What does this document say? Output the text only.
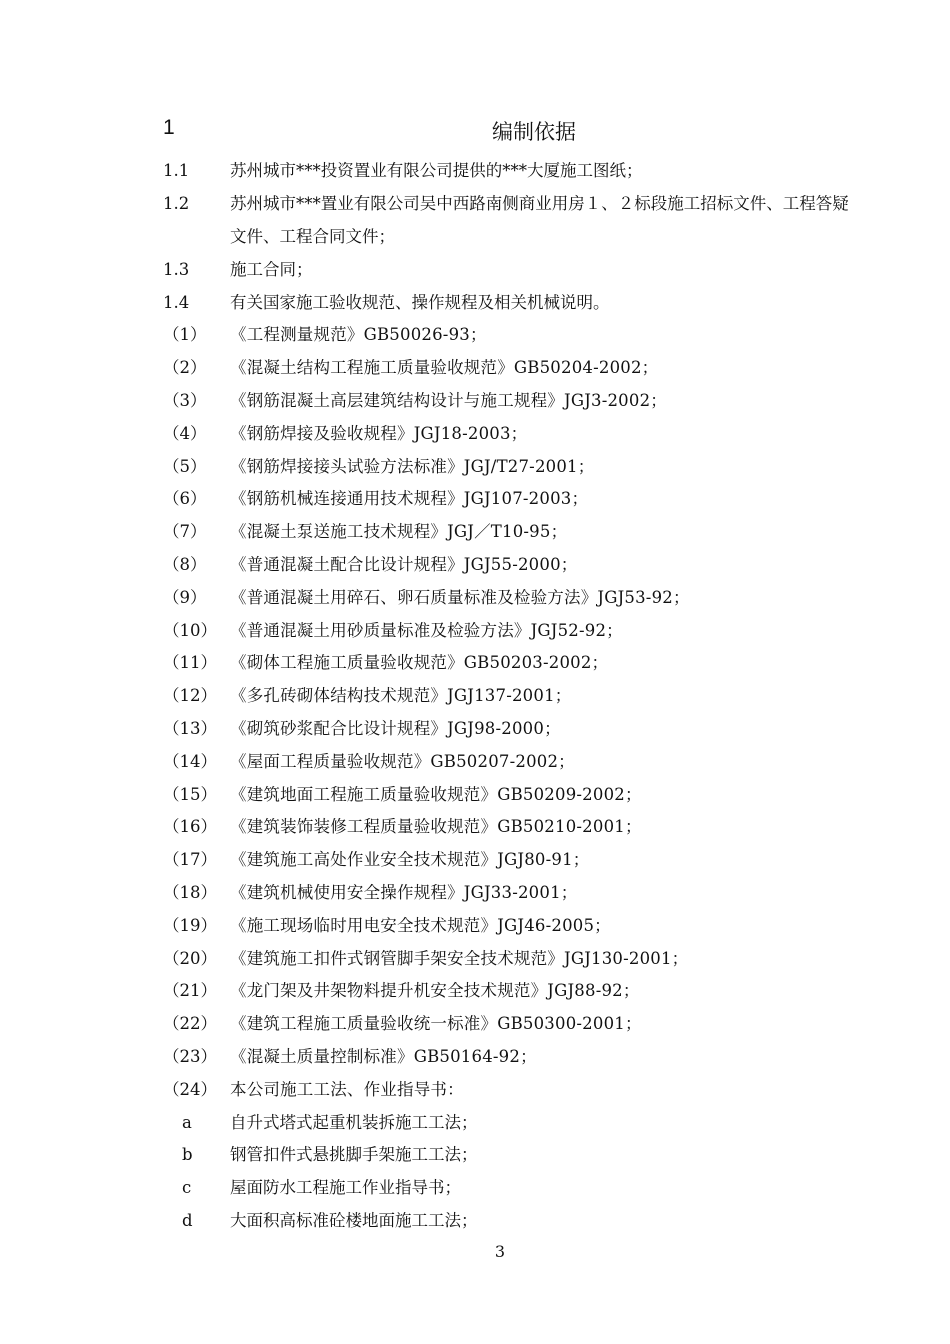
1	编制依据
1.1 苏州城市***投资置业有限公司提供的***大厦施工图纸；
1.2 苏州城市***置业有限公司吴中西路南侧商业用房１、２标段施工招标文件、工程答疑文件、工程合同文件；
1.3 施工合同；
1.4 有关国家施工验收规范、操作规程及相关机械说明。
（1） 《工程测量规范》GB50026-93；
（2） 《混凝土结构工程施工质量验收规范》GB50204-2002；
（3） 《钢筋混凝土高层建筑结构设计与施工规程》JGJ3-2002；
（4） 《钢筋焊接及验收规程》JGJ18-2003；
（5） 《钢筋焊接接头试验方法标准》JGJ/T27-2001；
（6） 《钢筋机械连接通用技术规程》JGJ107-2003；
（7） 《混凝土泵送施工技术规程》JGJ／T10-95；
（8） 《普通混凝土配合比设计规程》JGJ55-2000；
（9） 《普通混凝土用碎石、卵石质量标准及检验方法》JGJ53-92；
（10） 《普通混凝土用砂质量标准及检验方法》JGJ52-92；
（11） 《砌体工程施工质量验收规范》GB50203-2002；
（12） 《多孔砖砌体结构技术规范》JGJ137-2001；
（13） 《砌筑砂浆配合比设计规程》JGJ98-2000；
（14） 《屋面工程质量验收规范》GB50207-2002；
（15） 《建筑地面工程施工质量验收规范》GB50209-2002；
（16） 《建筑装饰装修工程质量验收规范》GB50210-2001；
（17） 《建筑施工高处作业安全技术规范》JGJ80-91；
（18） 《建筑机械使用安全操作规程》JGJ33-2001；
（19） 《施工现场临时用电安全技术规范》JGJ46-2005；
（20） 《建筑施工扣件式钢管脚手架安全技术规范》JGJ130-2001；
（21） 《龙门架及井架物料提升机安全技术规范》JGJ88-92；
（22） 《建筑工程施工质量验收统一标准》GB50300-2001；
（23） 《混凝土质量控制标准》GB50164-92；
（24） 本公司施工工法、作业指导书：
a 自升式塔式起重机装拆施工工法；
b 钢管扣件式悬挑脚手架施工工法；
c 屋面防水工程施工作业指导书；
d 大面积高标准砼楼地面施工工法；
3
